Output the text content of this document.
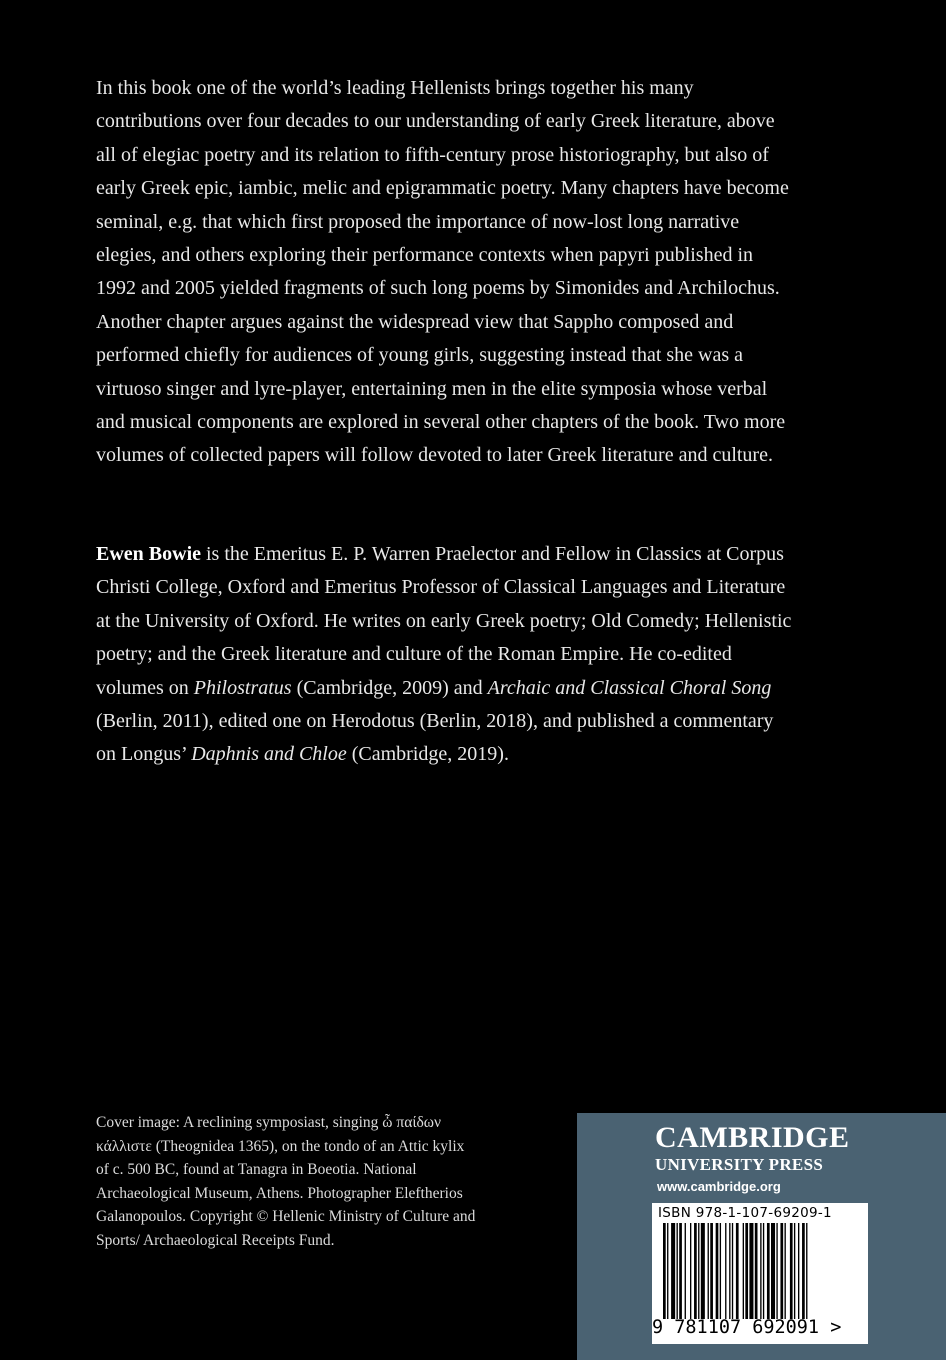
In this book one of the world’s leading Hellenists brings together his many contributions over four decades to our understanding of early Greek literature, above all of elegiac poetry and its relation to fifth-century prose historiography, but also of early Greek epic, iambic, melic and epigrammatic poetry. Many chapters have become seminal, e.g. that which first proposed the importance of now-lost long narrative elegies, and others exploring their performance contexts when papyri published in 1992 and 2005 yielded fragments of such long poems by Simonides and Archilochus. Another chapter argues against the widespread view that Sappho composed and performed chiefly for audiences of young girls, suggesting instead that she was a virtuoso singer and lyre-player, entertaining men in the elite symposia whose verbal and musical components are explored in several other chapters of the book. Two more volumes of collected papers will follow devoted to later Greek literature and culture.

Ewen Bowie is the Emeritus E. P. Warren Praelector and Fellow in Classics at Corpus Christi College, Oxford and Emeritus Professor of Classical Languages and Literature at the University of Oxford. He writes on early Greek poetry; Old Comedy; Hellenistic poetry; and the Greek literature and culture of the Roman Empire. He co-edited volumes on Philostratus (Cambridge, 2009) and Archaic and Classical Choral Song (Berlin, 2011), edited one on Herodotus (Berlin, 2018), and published a commentary on Longus’ Daphnis and Chloe (Cambridge, 2019).

Cover image: A reclining symposiast, singing ὦ παίδων κάλλιστε (Theognidea 1365), on the tondo of an Attic kylix of c. 500 BC, found at Tanagra in Boeotia. National Archaeological Museum, Athens. Photographer Eleftherios Galanopoulos. Copyright © Hellenic Ministry of Culture and Sports/ Archaeological Receipts Fund.

CAMBRIDGE
UNIVERSITY PRESS
www.cambridge.org
ISBN 978-1-107-69209-1
9 781107 692091 >
